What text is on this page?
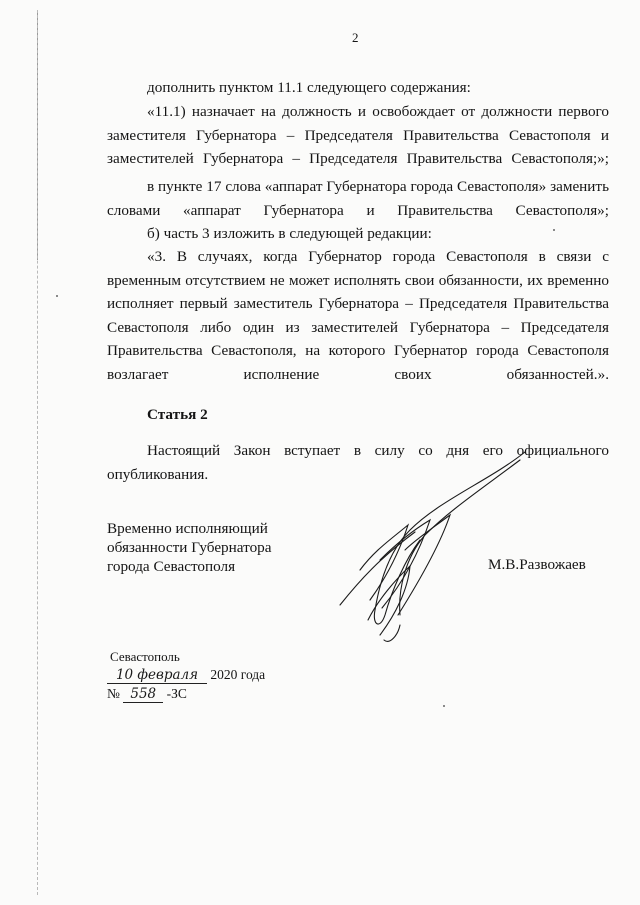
2

дополнить пунктом 11.1 следующего содержания:

«11.1) назначает на должность и освобождает от должности первого заместителя Губернатора – Председателя Правительства Севастополя и заместителей Губернатора – Председателя Правительства Севастополя;»;

в пункте 17 слова «аппарат Губернатора города Севастополя» заменить словами «аппарат Губернатора и Правительства Севастополя»;

б) часть 3 изложить в следующей редакции:

«3. В случаях, когда Губернатор города Севастополя в связи с временным отсутствием не может исполнять свои обязанности, их временно исполняет первый заместитель Губернатора – Председателя Правительства Севастополя либо один из заместителей Губернатора – Председателя Правительства Севастополя, на которого Губернатор города Севастополя возлагает исполнение своих обязанностей.».

Статья 2

Настоящий Закон вступает в силу со дня его официального опубликования.

Временно исполняющий
обязанности Губернатора
города Севастополя	М.В.Развожаев
Севастополь
10 февраля 2020 года
№ 558 -ЗС
